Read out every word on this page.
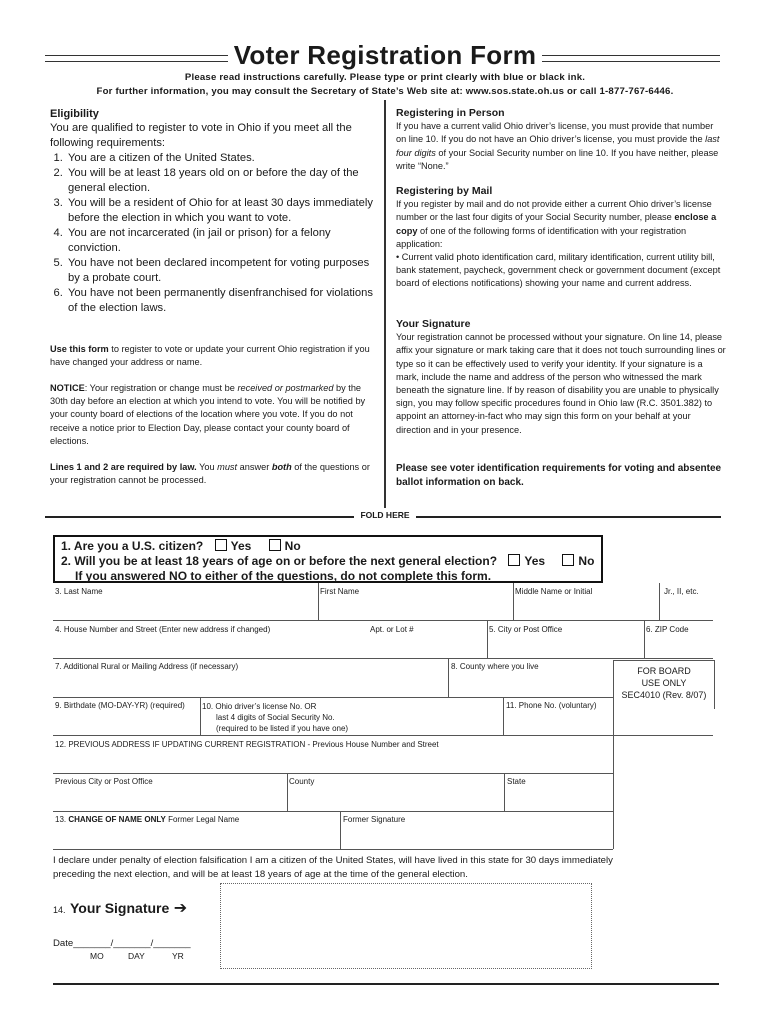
Voter Registration Form
Please read instructions carefully. Please type or print clearly with blue or black ink.
For further information, you may consult the Secretary of State’s Web site at: www.sos.state.oh.us or call 1-877-767-6446.
Eligibility
You are qualified to register to vote in Ohio if you meet all the following requirements:
1. You are a citizen of the United States.
2. You will be at least 18 years old on or before the day of the general election.
3. You will be a resident of Ohio for at least 30 days immediately before the election in which you want to vote.
4. You are not incarcerated (in jail or prison) for a felony conviction.
5. You have not been declared incompetent for voting purposes by a probate court.
6. You have not been permanently disenfranchised for violations of the election laws.
Use this form to register to vote or update your current Ohio registration if you have changed your address or name.
NOTICE: Your registration or change must be received or postmarked by the 30th day before an election at which you intend to vote. You will be notified by your county board of elections of the location where you vote. If you do not receive a notice prior to Election Day, please contact your county board of elections.
Lines 1 and 2 are required by law. You must answer both of the questions or your registration cannot be processed.
Registering in Person
If you have a current valid Ohio driver’s license, you must provide that number on line 10. If you do not have an Ohio driver’s license, you must provide the last four digits of your Social Security number on line 10. If you have neither, please write “None.”
Registering by Mail
If you register by mail and do not provide either a current Ohio driver’s license number or the last four digits of your Social Security number, please enclose a copy of one of the following forms of identification with your registration application:
• Current valid photo identification card, military identification, current utility bill, bank statement, paycheck, government check or government document (except board of elections notifications) showing your name and current address.
Your Signature
Your registration cannot be processed without your signature. On line 14, please affix your signature or mark taking care that it does not touch surrounding lines or type so it can be effectively used to verify your identity. If your signature is a mark, include the name and address of the person who witnessed the mark beneath the signature line. If by reason of disability you are unable to physically sign, you may follow specific procedures found in Ohio law (R.C. 3501.382) to appoint an attorney-in-fact who may sign this form on your behalf at your direction and in your presence.
Please see voter identification requirements for voting and absentee ballot information on back.
FOLD HERE
1. Are you a U.S. citizen? Yes	No
2. Will you be at least 18 years of age on or before the next general election? Yes	No
If you answered NO to either of the questions, do not complete this form.
3. Last Name	First Name	Middle Name or Initial	Jr., II, etc.
4. House Number and Street (Enter new address if changed)	Apt. or Lot #	5. City or Post Office	6. ZIP Code
7. Additional Rural or Mailing Address (if necessary)	8. County where you live	FOR BOARD
USE ONLY
SEC4010 (Rev. 8/07)
9. Birthdate (MO-DAY-YR) (required) 10. Ohio driver’s license No. OR
last 4 digits of Social Security No.
(required to be listed if you have one)
11. Phone No. (voluntary)
12. PREVIOUS ADDRESS IF UPDATING CURRENT REGISTRATION - Previous House Number and Street
Previous City or Post Office	County	State
13. CHANGE OF NAME ONLY Former Legal Name	Former Signature
I declare under penalty of election falsification I am a citizen of the United States, will have lived in this state for 30 days immediately preceding the next election, and will be at least 18 years of age at the time of the general election.
14. Your Signature ➔
Date_______/_______/_______
MO	DAY	YR
